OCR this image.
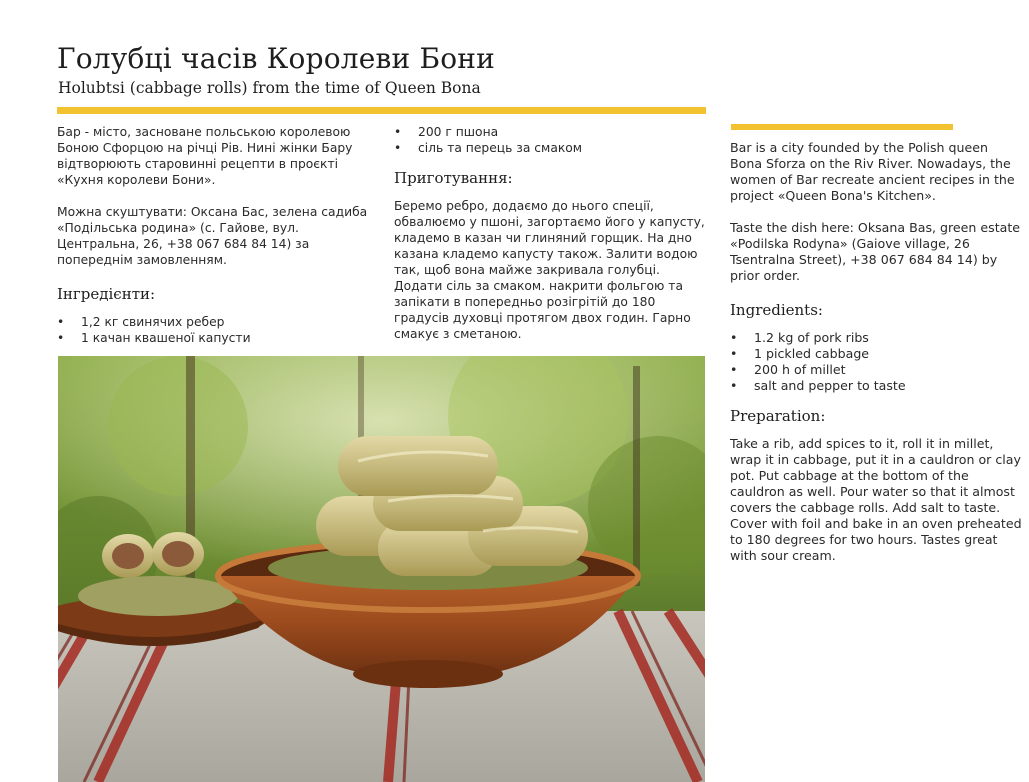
Голубці часів Королеви Бони
Holubtsi (cabbage rolls) from the time of Queen Bona

Бар - місто, засноване польською королевою Боною Сфорцою на річці Рів. Нині жінки Бару відтворюють старовинні рецепти в проєкті «Кухня королеви Бони».

Можна скуштувати: Оксана Бас, зелена садиба «Подільська родина» (с. Гайове, вул. Центральна, 26, +38 067 684 84 14) за попереднім замовленням.

Інгредієнти:
• 1,2 кг свинячих ребер
• 1 качан квашеної капусти
• 200 г пшона
• сіль та перець за смаком
Приготування:

Беремо ребро, додаємо до нього спеції, обвалюємо у пшоні, загортаємо його у капусту, кладемо в казан чи глиняний горщик. На дно казана кладемо капусту також. Залити водою так, щоб вона майже закривала голубці. Додати сіль за смаком. накрити фольгою та запікати в попередньо розігрітій до 180 градусів духовці протягом двох годин. Гарно смакує з сметаною.

Bar is a city founded by the Polish queen Bona Sforza on the Riv River. Nowadays, the women of Bar recreate ancient recipes in the project «Queen Bona's Kitchen».

Taste the dish here: Oksana Bas, green estate «Podilska Rodyna» (Gaiove village, 26 Tsentralna Street), +38 067 684 84 14) by prior order.

Ingredients:
• 1.2 kg of pork ribs
• 1 pickled cabbage
• 200 h of millet
• salt and pepper to taste
Preparation:

Take a rib, add spices to it, roll it in millet, wrap it in cabbage, put it in a cauldron or clay pot. Put cabbage at the bottom of the cauldron as well. Pour water so that it almost covers the cabbage rolls. Add salt to taste. Cover with foil and bake in an oven preheated to 180 degrees for two hours. Tastes great with sour cream.
